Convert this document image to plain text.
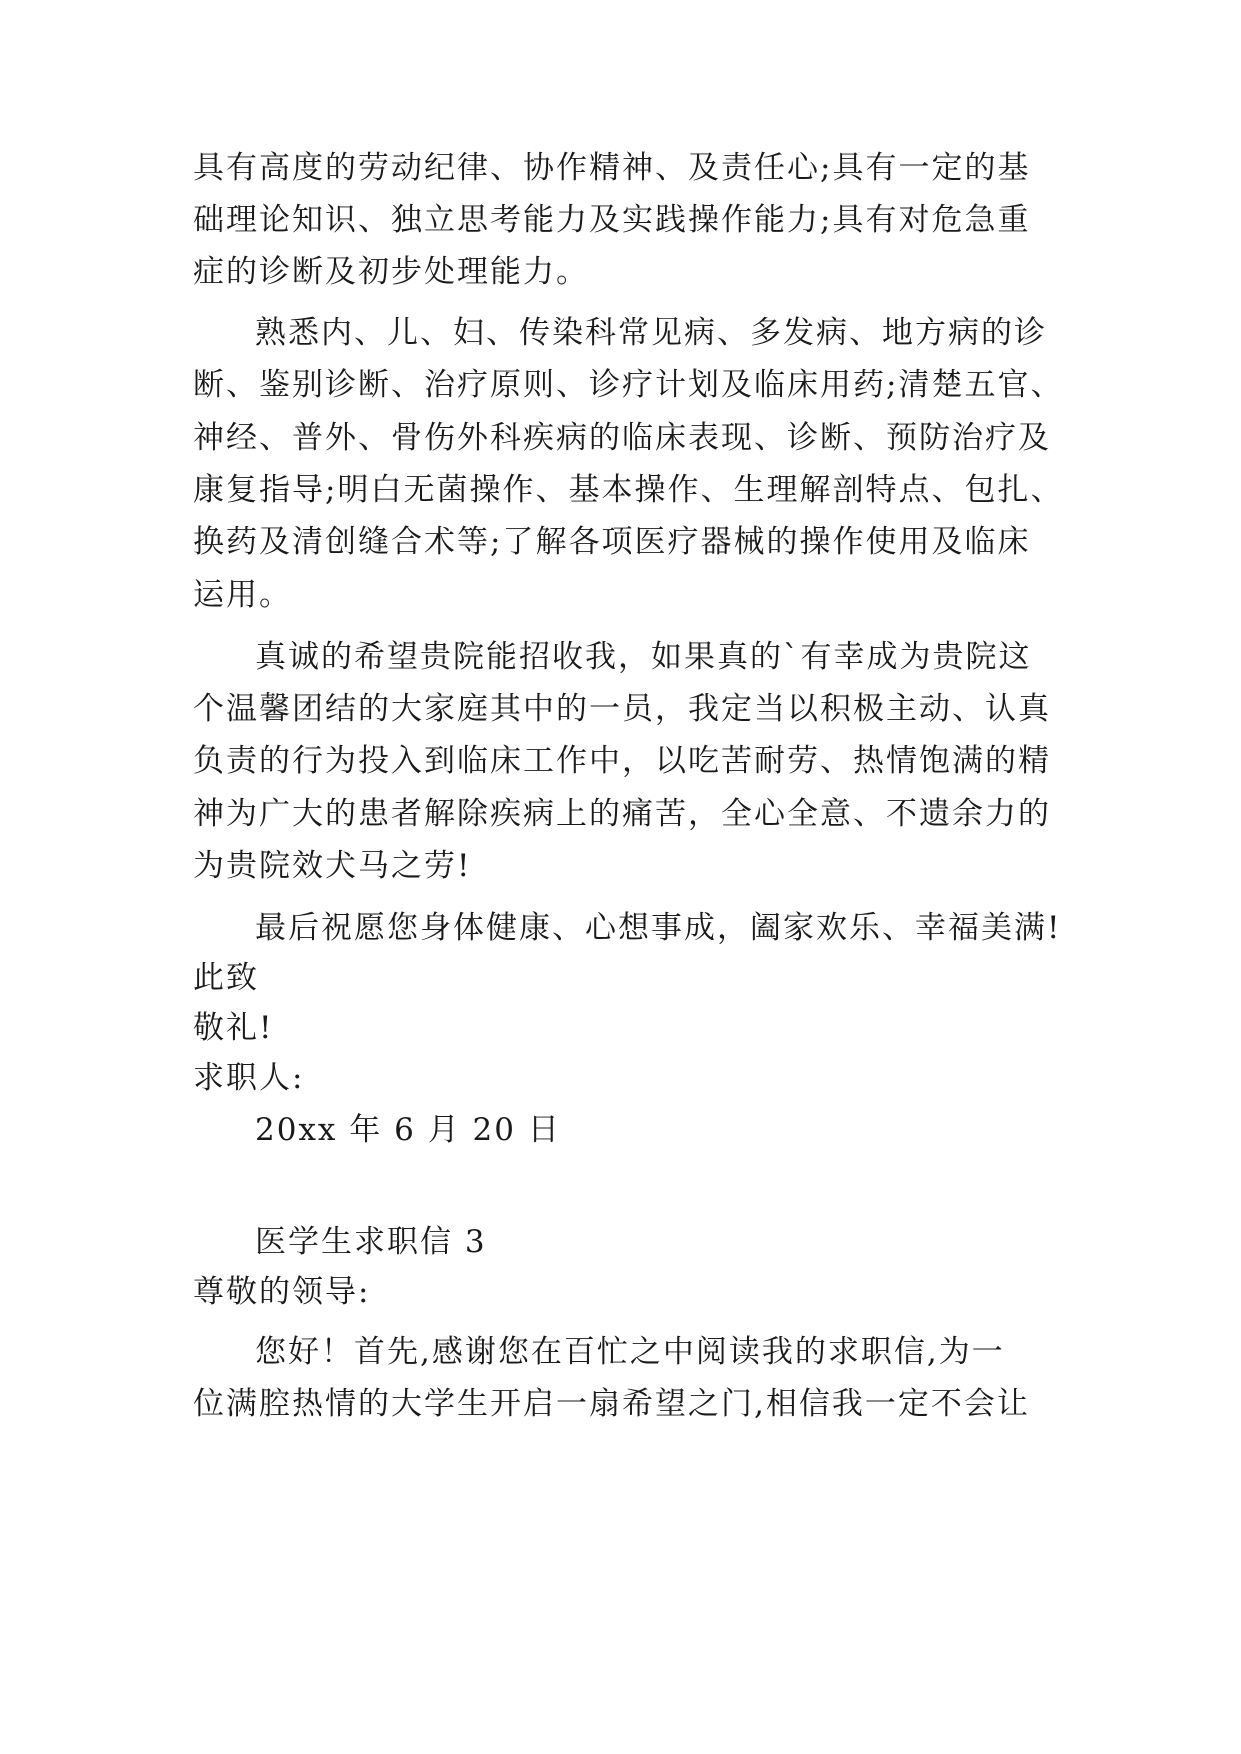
具有高度的劳动纪律、协作精神、及责任心;具有一定的基
础理论知识、独立思考能力及实践操作能力;具有对危急重
症的诊断及初步处理能力。
熟悉内、儿、妇、传染科常见病、多发病、地方病的诊
断、鉴别诊断、治疗原则、诊疗计划及临床用药;清楚五官、
神经、普外、骨伤外科疾病的临床表现、诊断、预防治疗及
康复指导;明白无菌操作、基本操作、生理解剖特点、包扎、
换药及清创缝合术等;了解各项医疗器械的操作使用及临床
运用。
真诚的希望贵院能招收我，如果真的`有幸成为贵院这
个温馨团结的大家庭其中的一员，我定当以积极主动、认真
负责的行为投入到临床工作中，以吃苦耐劳、热情饱满的精
神为广大的患者解除疾病上的痛苦，全心全意、不遗余力的
为贵院效犬马之劳!
最后祝愿您身体健康、心想事成，阖家欢乐、幸福美满!
此致
敬礼!
求职人:
20xx 年 6 月 20 日
医学生求职信 3
尊敬的领导:
您好！首先,感谢您在百忙之中阅读我的求职信,为一
位满腔热情的大学生开启一扇希望之门,相信我一定不会让
